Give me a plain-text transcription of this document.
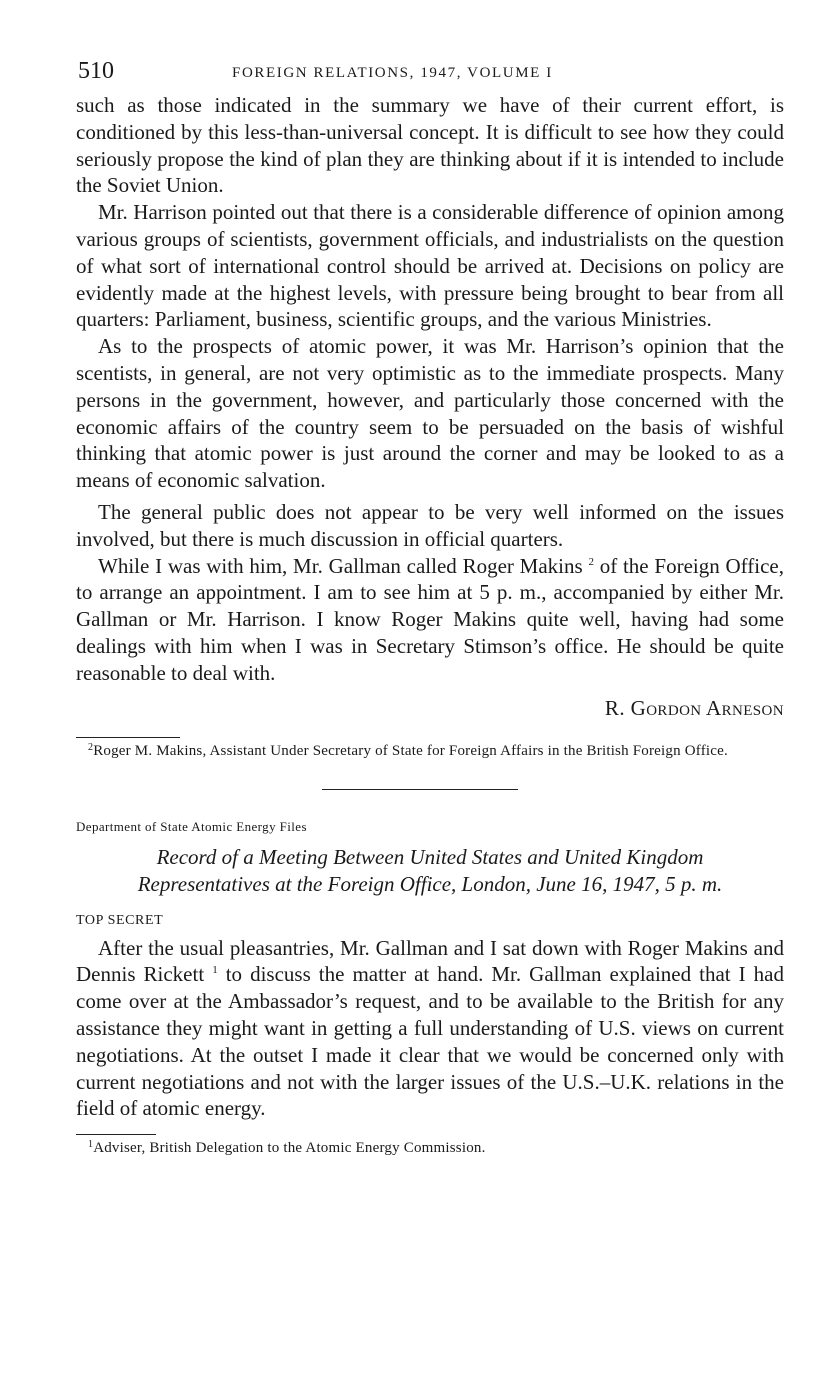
510	FOREIGN RELATIONS, 1947, VOLUME I

such as those indicated in the summary we have of their current effort, is conditioned by this less-than-universal concept. It is difficult to see how they could seriously propose the kind of plan they are thinking about if it is intended to include the Soviet Union.

Mr. Harrison pointed out that there is a considerable difference of opinion among various groups of scientists, government officials, and industrialists on the question of what sort of international control should be arrived at. Decisions on policy are evidently made at the highest levels, with pressure being brought to bear from all quarters: Parliament, business, scientific groups, and the various Ministries.

As to the prospects of atomic power, it was Mr. Harrison’s opinion that the scentists, in general, are not very optimistic as to the immediate prospects. Many persons in the government, however, and particularly those concerned with the economic affairs of the country seem to be persuaded on the basis of wishful thinking that atomic power is just around the corner and may be looked to as a means of economic salvation.

The general public does not appear to be very well informed on the issues involved, but there is much discussion in official quarters.

While I was with him, Mr. Gallman called Roger Makins $^2$ of the Foreign Office, to arrange an appointment. I am to see him at 5 p. m., accompanied by either Mr. Gallman or Mr. Harrison. I know Roger Makins quite well, having had some dealings with him when I was in Secretary Stimson’s office. He should be quite reasonable to deal with.

R. Gordon Arneson

$^2$Roger M. Makins, Assistant Under Secretary of State for Foreign Affairs in the British Foreign Office.

Department of State Atomic Energy Files
Record of a Meeting Between United States and United Kingdom
Representatives at the Foreign Office, London, June 16, 1947, 5 p. m.
TOP SECRET

After the usual pleasantries, Mr. Gallman and I sat down with Roger Makins and Dennis Rickett $^1$ to discuss the matter at hand. Mr. Gallman explained that I had come over at the Ambassador’s request, and to be available to the British for any assistance they might want in getting a full understanding of U.S. views on current negotiations. At the outset I made it clear that we would be concerned only with current negotiations and not with the larger issues of the U.S.–U.K. relations in the field of atomic energy.

$^1$Adviser, British Delegation to the Atomic Energy Commission.
